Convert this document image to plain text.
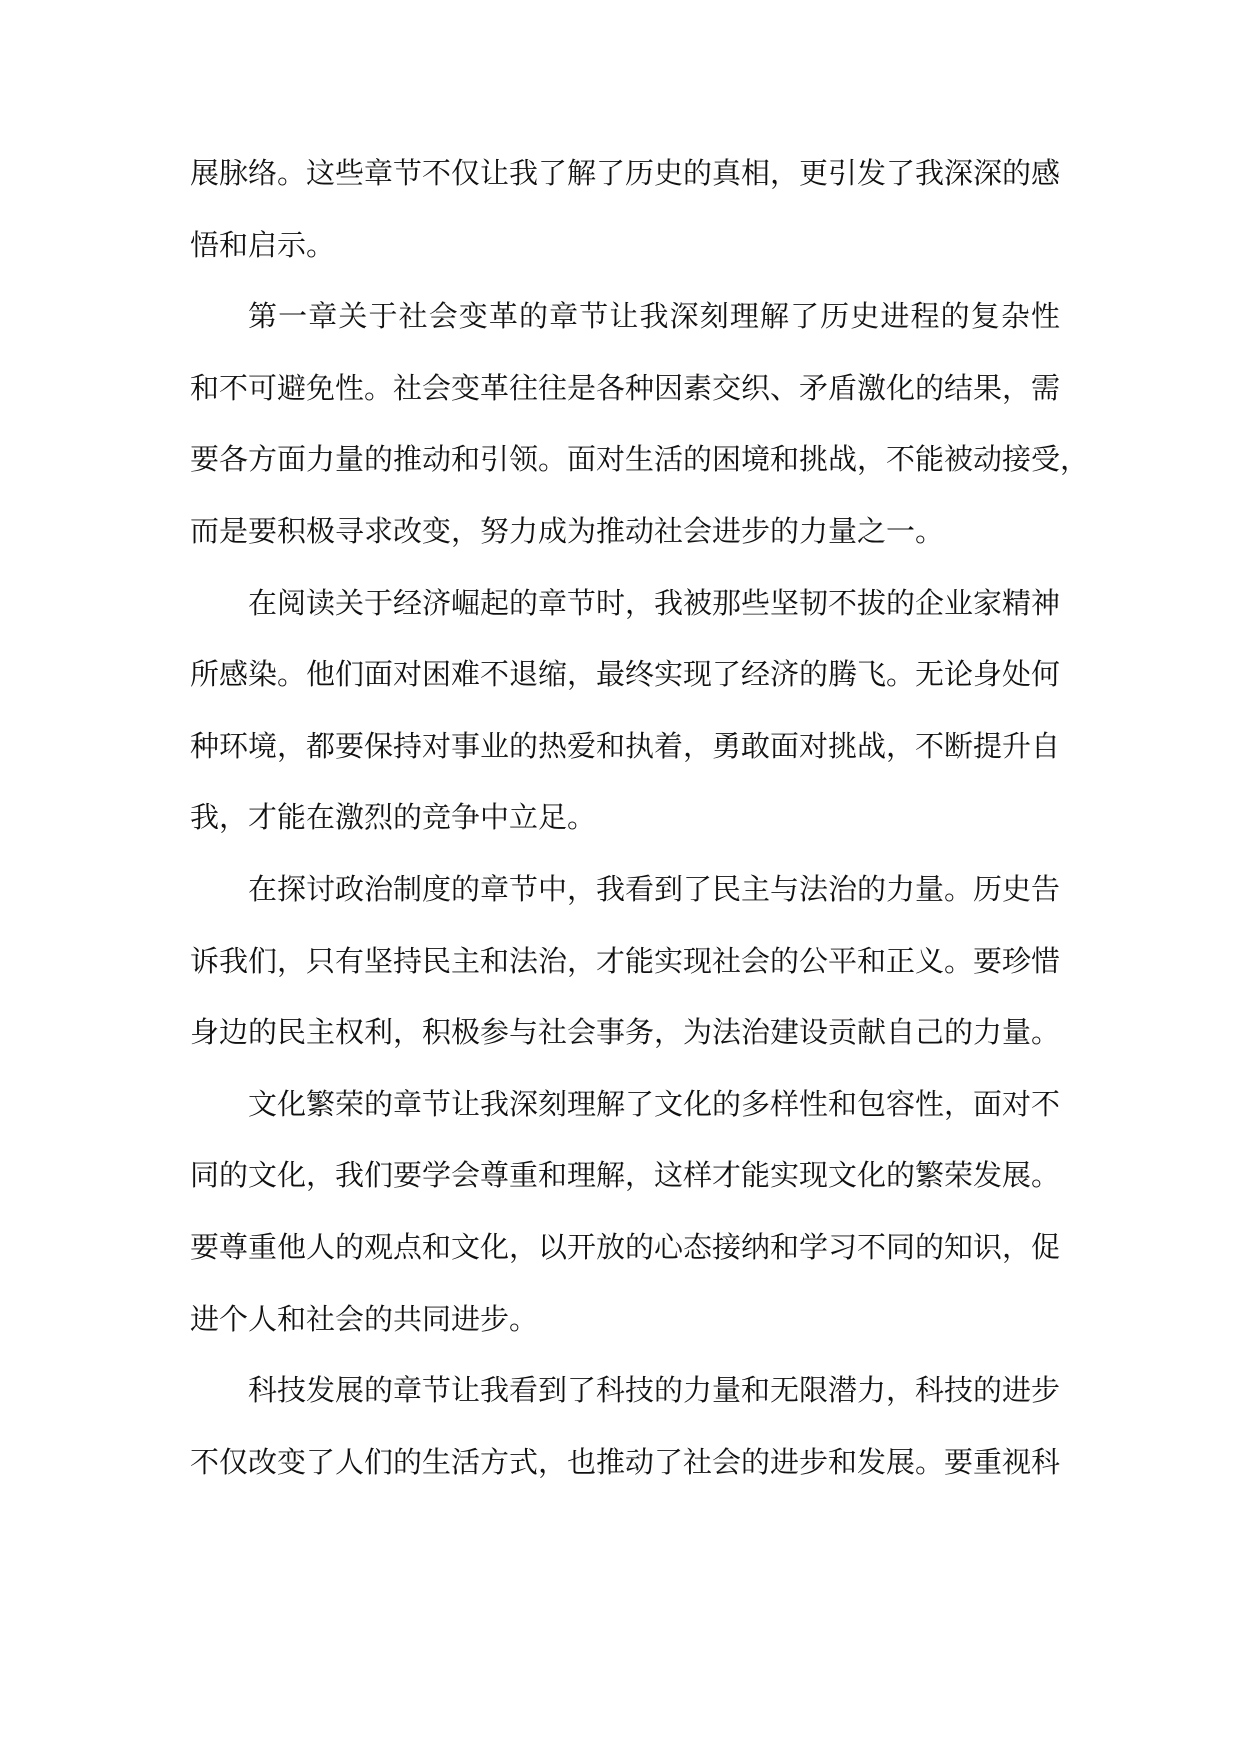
展脉络。这些章节不仅让我了解了历史的真相，更引发了我深深的感
悟和启示。
第一章关于社会变革的章节让我深刻理解了历史进程的复杂性
和不可避免性。社会变革往往是各种因素交织、矛盾激化的结果，需
要各方面力量的推动和引领。面对生活的困境和挑战，不能被动接受，
而是要积极寻求改变，努力成为推动社会进步的力量之一。
在阅读关于经济崛起的章节时，我被那些坚韧不拔的企业家精神
所感染。他们面对困难不退缩，最终实现了经济的腾飞。无论身处何
种环境，都要保持对事业的热爱和执着，勇敢面对挑战，不断提升自
我，才能在激烈的竞争中立足。
在探讨政治制度的章节中，我看到了民主与法治的力量。历史告
诉我们，只有坚持民主和法治，才能实现社会的公平和正义。要珍惜
身边的民主权利，积极参与社会事务，为法治建设贡献自己的力量。
文化繁荣的章节让我深刻理解了文化的多样性和包容性，面对不
同的文化，我们要学会尊重和理解，这样才能实现文化的繁荣发展。
要尊重他人的观点和文化，以开放的心态接纳和学习不同的知识，促
进个人和社会的共同进步。
科技发展的章节让我看到了科技的力量和无限潜力，科技的进步
不仅改变了人们的生活方式，也推动了社会的进步和发展。要重视科
